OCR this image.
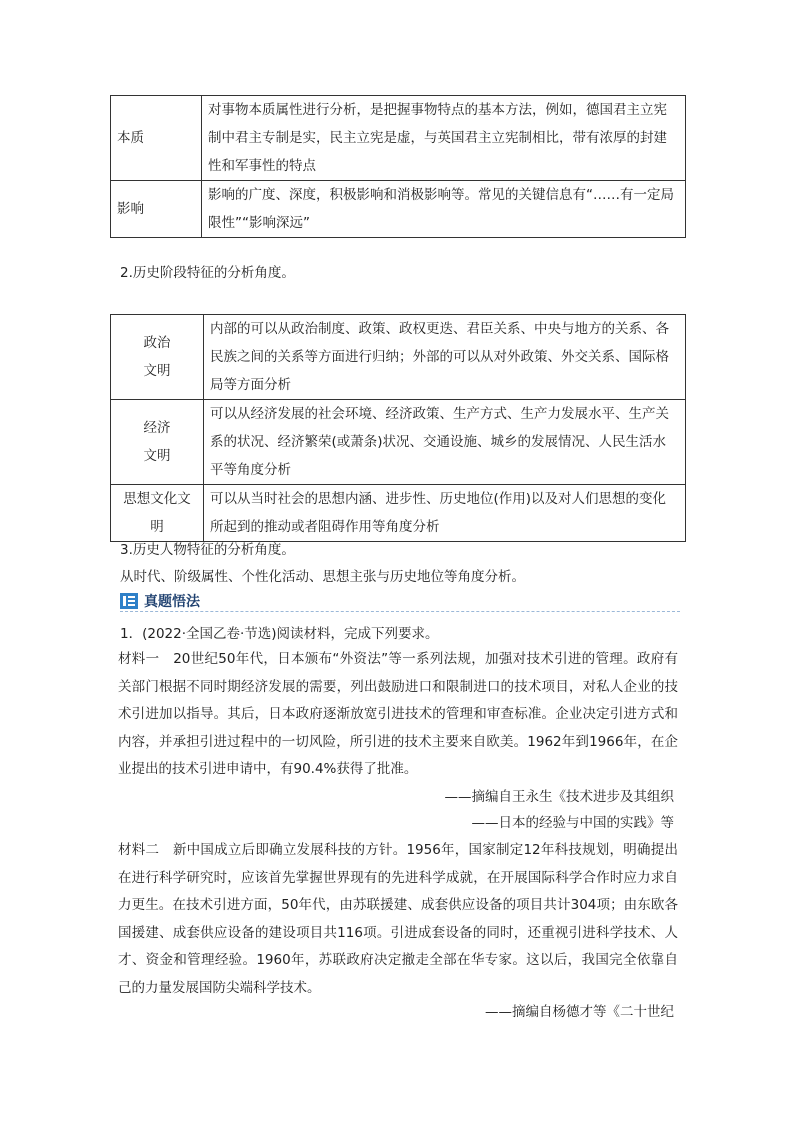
本质	对事物本质属性进行分析，是把握事物特点的基本方法，例如，德国君主立宪制中君主专制是实，民主立宪是虚，与英国君主立宪制相比，带有浓厚的封建性和军事性的特点
影响	影响的广度、深度，积极影响和消极影响等。常见的关键信息有“……有一定局限性”“影响深远”
2.历史阶段特征的分析角度。
政治文明	内部的可以从政治制度、政策、政权更迭、君臣关系、中央与地方的关系、各民族之间的关系等方面进行归纳；外部的可以从对外政策、外交关系、国际格局等方面分析
经济文明	可以从经济发展的社会环境、经济政策、生产方式、生产力发展水平、生产关系的状况、经济繁荣(或萧条)状况、交通设施、城乡的发展情况、人民生活水平等角度分析
思想文化文明	可以从当时社会的思想内涵、进步性、历史地位(作用)以及对人们思想的变化所起到的推动或者阻碍作用等角度分析
3.历史人物特征的分析角度。
从时代、阶级属性、个性化活动、思想主张与历史地位等角度分析。
真题悟法
1．(2022·全国乙卷·节选)阅读材料，完成下列要求。
材料一　20世纪50年代，日本颁布“外资法”等一系列法规，加强对技术引进的管理。政府有关部门根据不同时期经济发展的需要，列出鼓励进口和限制进口的技术项目，对私人企业的技术引进加以指导。其后，日本政府逐渐放宽引进技术的管理和审查标准。企业决定引进方式和内容，并承担引进过程中的一切风险，所引进的技术主要来自欧美。1962年到1966年，在企业提出的技术引进申请中，有90.4%获得了批准。
——摘编自王永生《技术进步及其组织
——日本的经验与中国的实践》等
材料二　新中国成立后即确立发展科技的方针。1956年，国家制定12年科技规划，明确提出在进行科学研究时，应该首先掌握世界现有的先进科学成就，在开展国际科学合作时应力求自力更生。在技术引进方面，50年代，由苏联援建、成套供应设备的项目共计304项；由东欧各国援建、成套供应设备的建设项目共116项。引进成套设备的同时，还重视引进科学技术、人才、资金和管理经验。1960年，苏联政府决定撤走全部在华专家。这以后，我国完全依靠自己的力量发展国防尖端科学技术。
——摘编自杨德才等《二十世纪
